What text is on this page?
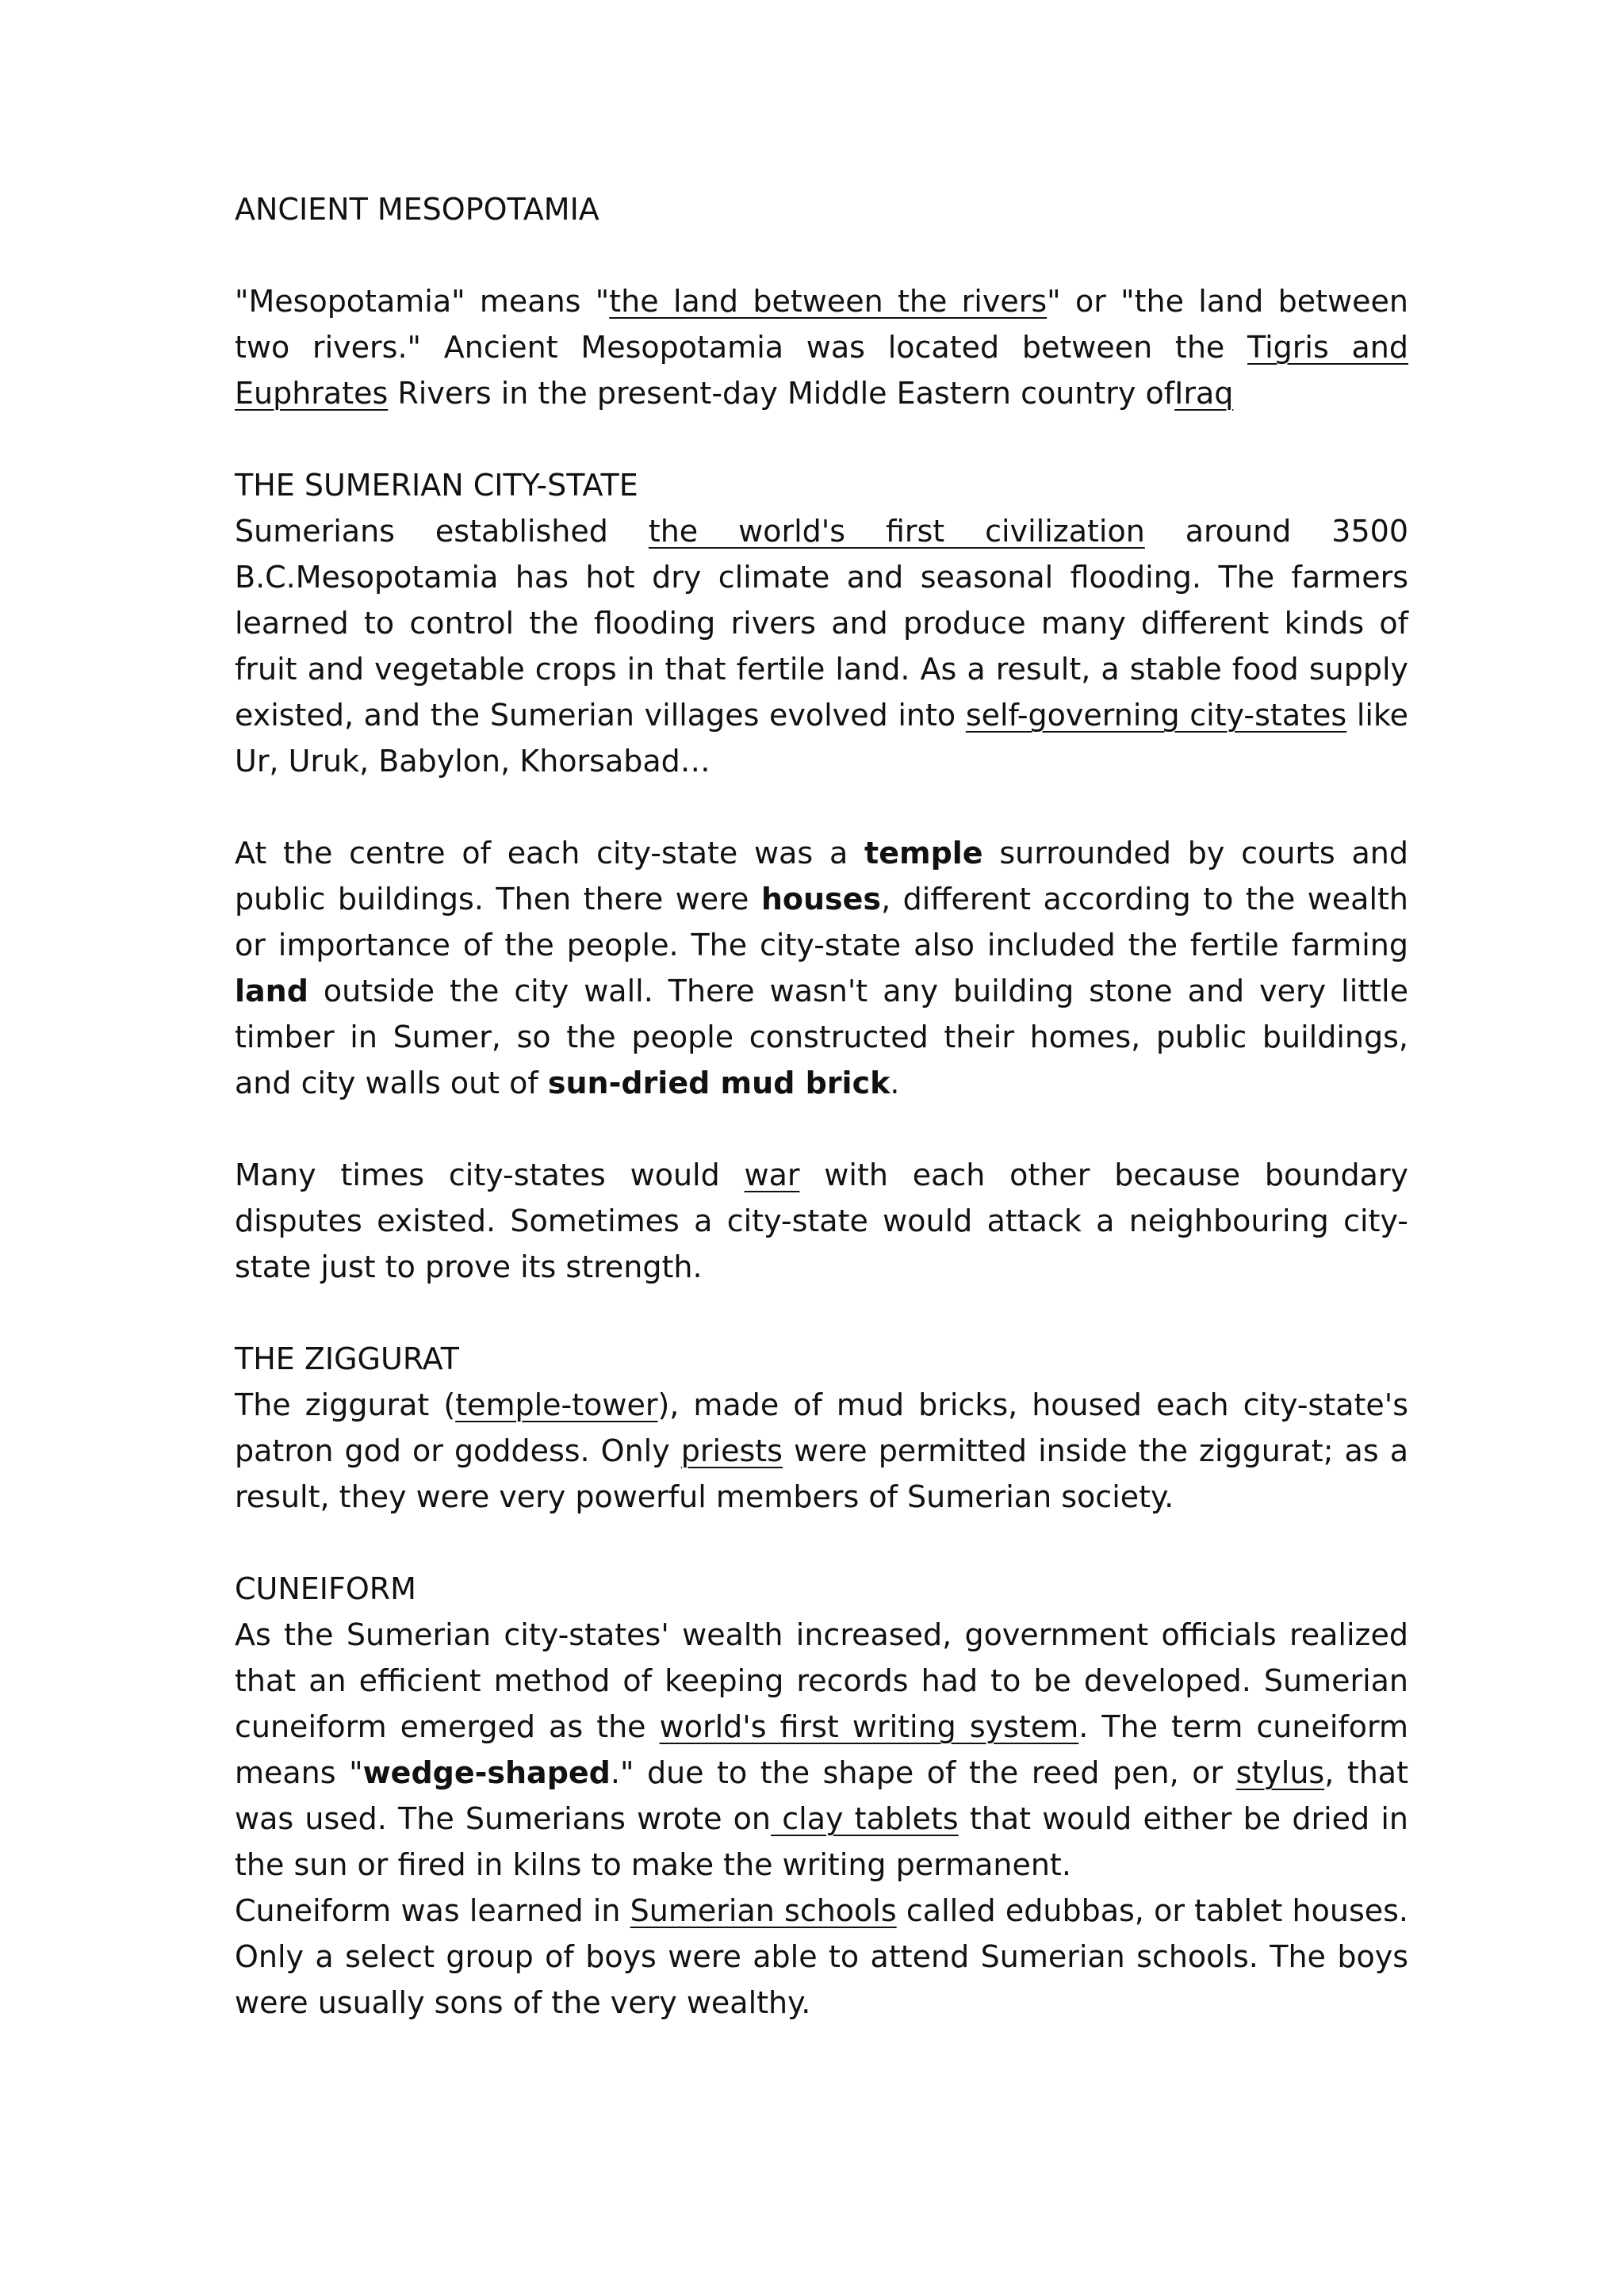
ANCIENT MESOPOTAMIA

"Mesopotamia" means "the land between the rivers" or "the land between two rivers." Ancient Mesopotamia was located between the Tigris and Euphrates Rivers in the present-day Middle Eastern country ofIraq

THE SUMERIAN CITY-STATE

Sumerians established the world's first civilization around 3500 B.C.Mesopotamia has hot dry climate and seasonal flooding. The farmers learned to control the flooding rivers and produce many different kinds of fruit and vegetable crops in that fertile land. As a result, a stable food supply existed, and the Sumerian villages evolved into self-governing city-states like Ur, Uruk, Babylon, Khorsabad…

At the centre of each city-state was a temple surrounded by courts and public buildings. Then there were houses, different according to the wealth or importance of the people. The city-state also included the fertile farming land outside the city wall. There wasn't any building stone and very little timber in Sumer, so the people constructed their homes, public buildings, and city walls out of sun-dried mud brick.

Many times city-states would war with each other because boundary disputes existed. Sometimes a city-state would attack a neighbouring city-state just to prove its strength.

THE ZIGGURAT

The ziggurat (temple-tower), made of mud bricks, housed each city-state's patron god or goddess. Only priests were permitted inside the ziggurat; as a result, they were very powerful members of Sumerian society.

CUNEIFORM

As the Sumerian city-states' wealth increased, government officials realized that an efficient method of keeping records had to be developed. Sumerian cuneiform emerged as the world's first writing system. The term cuneiform means "wedge-shaped." due to the shape of the reed pen, or stylus, that was used. The Sumerians wrote on clay tablets that would either be dried in the sun or fired in kilns to make the writing permanent.

Cuneiform was learned in Sumerian schools called edubbas, or tablet houses. Only a select group of boys were able to attend Sumerian schools. The boys were usually sons of the very wealthy.
